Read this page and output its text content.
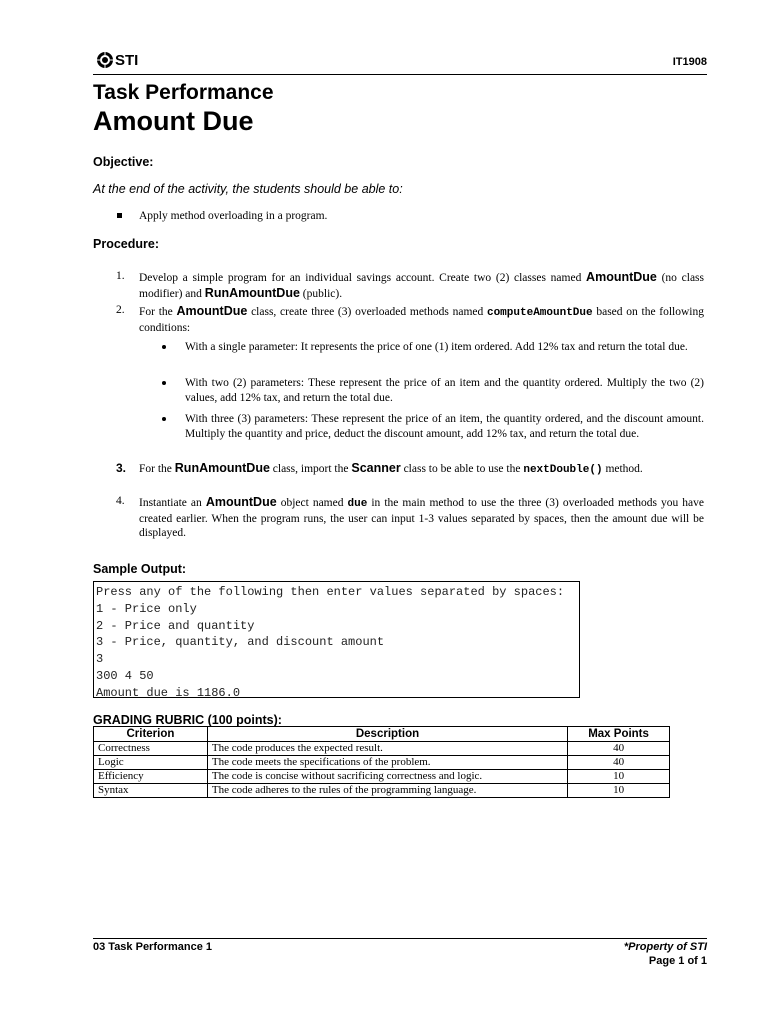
STI	IT1908
Task Performance
Amount Due
Objective:
At the end of the activity, the students should be able to:
Apply method overloading in a program.
Procedure:
1. Develop a simple program for an individual savings account. Create two (2) classes named AmountDue (no class modifier) and RunAmountDue (public).
2. For the AmountDue class, create three (3) overloaded methods named computeAmountDue based on the following conditions:
With a single parameter: It represents the price of one (1) item ordered. Add 12% tax and return the total due.
With two (2) parameters: These represent the price of an item and the quantity ordered. Multiply the two (2) values, add 12% tax, and return the total due.
With three (3) parameters: These represent the price of an item, the quantity ordered, and the discount amount. Multiply the quantity and price, deduct the discount amount, add 12% tax, and return the total due.
3. For the RunAmountDue class, import the Scanner class to be able to use the nextDouble() method.
4. Instantiate an AmountDue object named due in the main method to use the three (3) overloaded methods you have created earlier. When the program runs, the user can input 1-3 values separated by spaces, then the amount due will be displayed.
Sample Output:
Press any of the following then enter values separated by spaces:
1 - Price only
2 - Price and quantity
3 - Price, quantity, and discount amount
3
300 4 50
Amount due is 1186.0
GRADING RUBRIC (100 points):
Criterion	Description	Max Points
Correctness	The code produces the expected result.	40
Logic	The code meets the specifications of the problem.	40
Efficiency	The code is concise without sacrificing correctness and logic.	10
Syntax	The code adheres to the rules of the programming language.	10
03 Task Performance 1	*Property of STI
Page 1 of 1
